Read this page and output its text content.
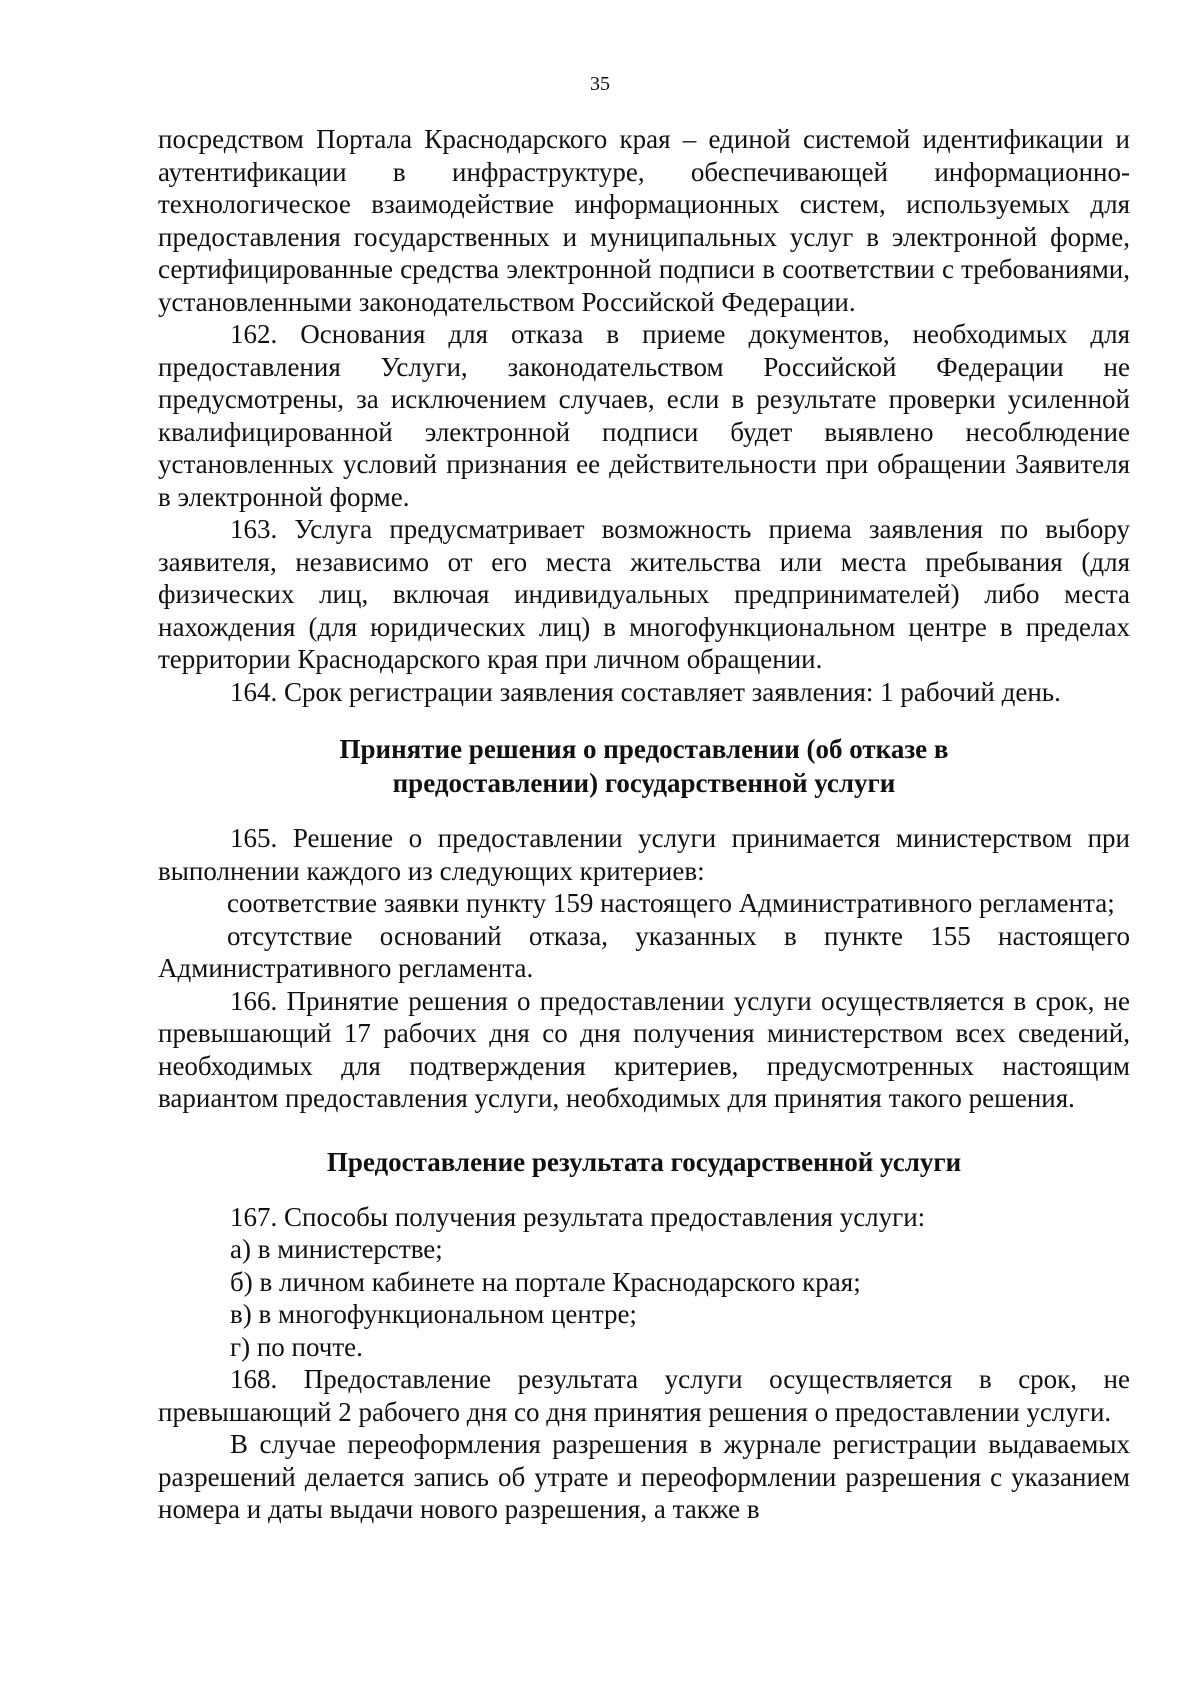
35

посредством Портала Краснодарского края – единой системой идентификации и аутентификации в инфраструктуре, обеспечивающей информационно-технологическое взаимодействие информационных систем, используемых для предоставления государственных и муниципальных услуг в электронной форме, сертифицированные средства электронной подписи в соответствии с требованиями, установленными законодательством Российской Федерации.

162. Основания для отказа в приеме документов, необходимых для предоставления Услуги, законодательством Российской Федерации не предусмотрены, за исключением случаев, если в результате проверки усиленной квалифицированной электронной подписи будет выявлено несоблюдение установленных условий признания ее действительности при обращении Заявителя в электронной форме.

163. Услуга предусматривает возможность приема заявления по выбору заявителя, независимо от его места жительства или места пребывания (для физических лиц, включая индивидуальных предпринимателей) либо места нахождения (для юридических лиц) в многофункциональном центре в пределах территории Краснодарского края при личном обращении.

164. Срок регистрации заявления составляет заявления: 1 рабочий день.

Принятие решения о предоставлении (об отказе в
предоставлении) государственной услуги

165. Решение о предоставлении услуги принимается министерством при выполнении каждого из следующих критериев:

соответствие заявки пункту 159 настоящего Административного регламента;

отсутствие оснований отказа, указанных в пункте 155 настоящего Административного регламента.

166. Принятие решения о предоставлении услуги осуществляется в срок, не превышающий 17 рабочих дня со дня получения министерством всех сведений, необходимых для подтверждения критериев, предусмотренных настоящим вариантом предоставления услуги, необходимых для принятия такого решения.

Предоставление результата государственной услуги

167. Способы получения результата предоставления услуги:

а) в министерстве;

б) в личном кабинете на портале Краснодарского края;

в) в многофункциональном центре;

г) по почте.

168. Предоставление результата услуги осуществляется в срок, не превышающий 2 рабочего дня со дня принятия решения о предоставлении услуги.

В случае переоформления разрешения в журнале регистрации выдаваемых разрешений делается запись об утрате и переоформлении разрешения с указанием номера и даты выдачи нового разрешения, а также в
